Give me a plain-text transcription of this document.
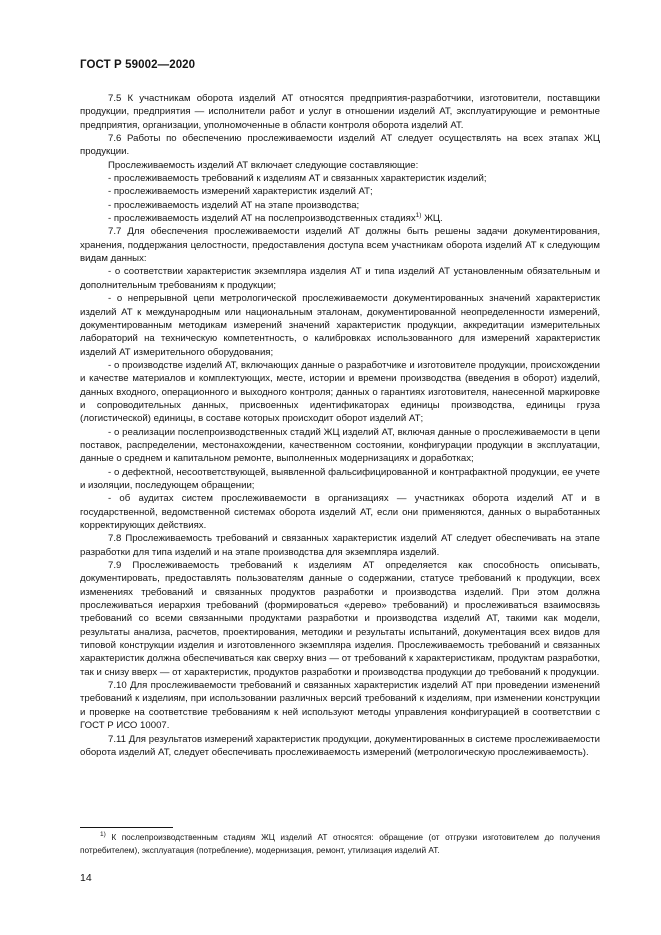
ГОСТ Р 59002—2020

7.5 К участникам оборота изделий АТ относятся предприятия-разработчики, изготовители, поставщики продукции, предприятия — исполнители работ и услуг в отношении изделий АТ, эксплуатирующие и ремонтные предприятия, организации, уполномоченные в области контроля оборота изделий АТ.

7.6 Работы по обеспечению прослеживаемости изделий АТ следует осуществлять на всех этапах ЖЦ продукции.

Прослеживаемость изделий АТ включает следующие составляющие:

- прослеживаемость требований к изделиям АТ и связанных характеристик изделий;

- прослеживаемость измерений характеристик изделий АТ;

- прослеживаемость изделий АТ на этапе производства;

- прослеживаемость изделий АТ на послепроизводственных стадиях$^{1)}$ ЖЦ.

7.7 Для обеспечения прослеживаемости изделий АТ должны быть решены задачи документирования, хранения, поддержания целостности, предоставления доступа всем участникам оборота изделий АТ к следующим видам данных:

- о соответствии характеристик экземпляра изделия АТ и типа изделий АТ установленным обязательным и дополнительным требованиям к продукции;

- о непрерывной цепи метрологической прослеживаемости документированных значений характеристик изделий АТ к международным или национальным эталонам, документированной неопределенности измерений, документированным методикам измерений значений характеристик продукции, аккредитации измерительных лабораторий на техническую компетентность, о калибровках использованного для измерений характеристик изделий АТ измерительного оборудования;

- о производстве изделий АТ, включающих данные о разработчике и изготовителе продукции, происхождении и качестве материалов и комплектующих, месте, истории и времени производства (введения в оборот) изделий, данных входного, операционного и выходного контроля; данных о гарантиях изготовителя, нанесенной маркировке и сопроводительных данных, присвоенных идентификаторах единицы производства, единицы груза (логистической) единицы, в составе которых происходит оборот изделий АТ;

- о реализации послепроизводственных стадий ЖЦ изделий АТ, включая данные о прослеживаемости в цепи поставок, распределении, местонахождении, качественном состоянии, конфигурации продукции в эксплуатации, данные о среднем и капитальном ремонте, выполненных модернизациях и доработках;

- о дефектной, несоответствующей, выявленной фальсифицированной и контрафактной продукции, ее учете и изоляции, последующем обращении;

- об аудитах систем прослеживаемости в организациях — участниках оборота изделий АТ и в государственной, ведомственной системах оборота изделий АТ, если они применяются, данных о выработанных корректирующих действиях.

7.8 Прослеживаемость требований и связанных характеристик изделий АТ следует обеспечивать на этапе разработки для типа изделий и на этапе производства для экземпляра изделий.

7.9 Прослеживаемость требований к изделиям АТ определяется как способность описывать, документировать, предоставлять пользователям данные о содержании, статусе требований к продукции, всех изменениях требований и связанных продуктов разработки и производства изделий. При этом должна прослеживаться иерархия требований (формироваться «дерево» требований) и прослеживаться взаимосвязь требований со всеми связанными продуктами разработки и производства изделий АТ, такими как модели, результаты анализа, расчетов, проектирования, методики и результаты испытаний, документация всех видов для типовой конструкции изделия и изготовленного экземпляра изделия. Прослеживаемость требований и связанных характеристик должна обеспечиваться как сверху вниз — от требований к характеристикам, продуктам разработки, так и снизу вверх — от характеристик, продуктов разработки и производства продукции до требований к продукции.

7.10 Для прослеживаемости требований и связанных характеристик изделий АТ при проведении изменений требований к изделиям, при использовании различных версий требований к изделиям, при изменении конструкции и проверке на соответствие требованиям к ней используют методы управления конфигурацией в соответствии с ГОСТ Р ИСО 10007.

7.11 Для результатов измерений характеристик продукции, документированных в системе прослеживаемости оборота изделий АТ, следует обеспечивать прослеживаемость измерений (метрологическую прослеживаемость).

$^{1)}$ К послепроизводственным стадиям ЖЦ изделий АТ относятся: обращение (от отгрузки изготовителем до получения потребителем), эксплуатация (потребление), модернизация, ремонт, утилизация изделий АТ.
14
